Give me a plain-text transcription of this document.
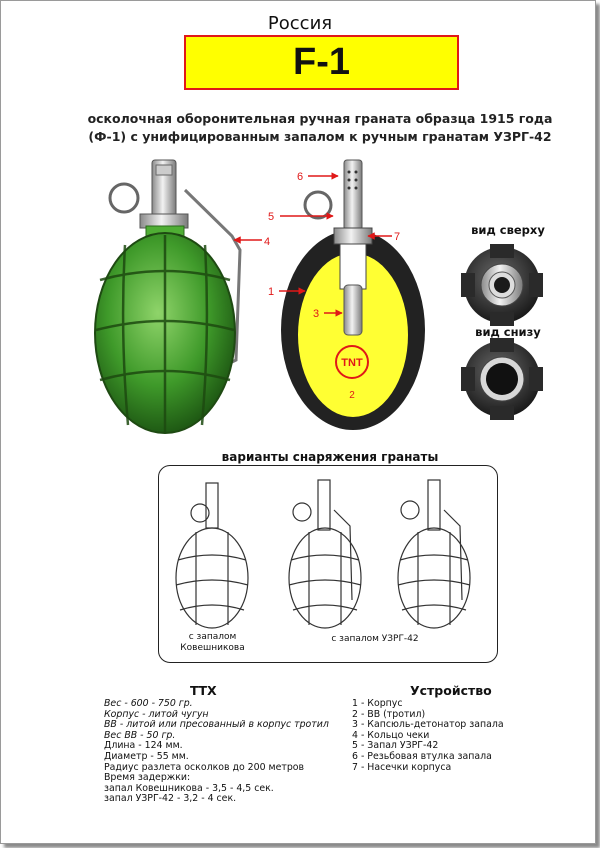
Россия
F-1
осколочная оборонительная ручная граната образца 1915 года
(Ф-1) с унифицированным запалом к ручным гранатам УЗРГ-42
4
TNT
2
6
5
7
1
3
вид сверху
вид снизу
варианты снаряжения гранаты
с запалом
Ковешникова
с запалом УЗРГ-42
ТТХ	Устройство
Вес - 600 - 750 гр.
Корпус - литой чугун
ВВ - литой или пресованный в корпус тротил
Вес ВВ - 50 гр.
Длина - 124 мм.
Диаметр - 55 мм.
Радиус разлета осколков до 200 метров
Время задержки:
запал Ковешникова - 3,5 - 4,5 сек.
запал УЗРГ-42 - 3,2 - 4 сек.
1 - Корпус
2 - ВВ (тротил)
3 - Капсюль-детонатор запала
4 - Кольцо чеки
5 - Запал УЗРГ-42
6 - Резьбовая втулка запала
7 - Насечки корпуса
